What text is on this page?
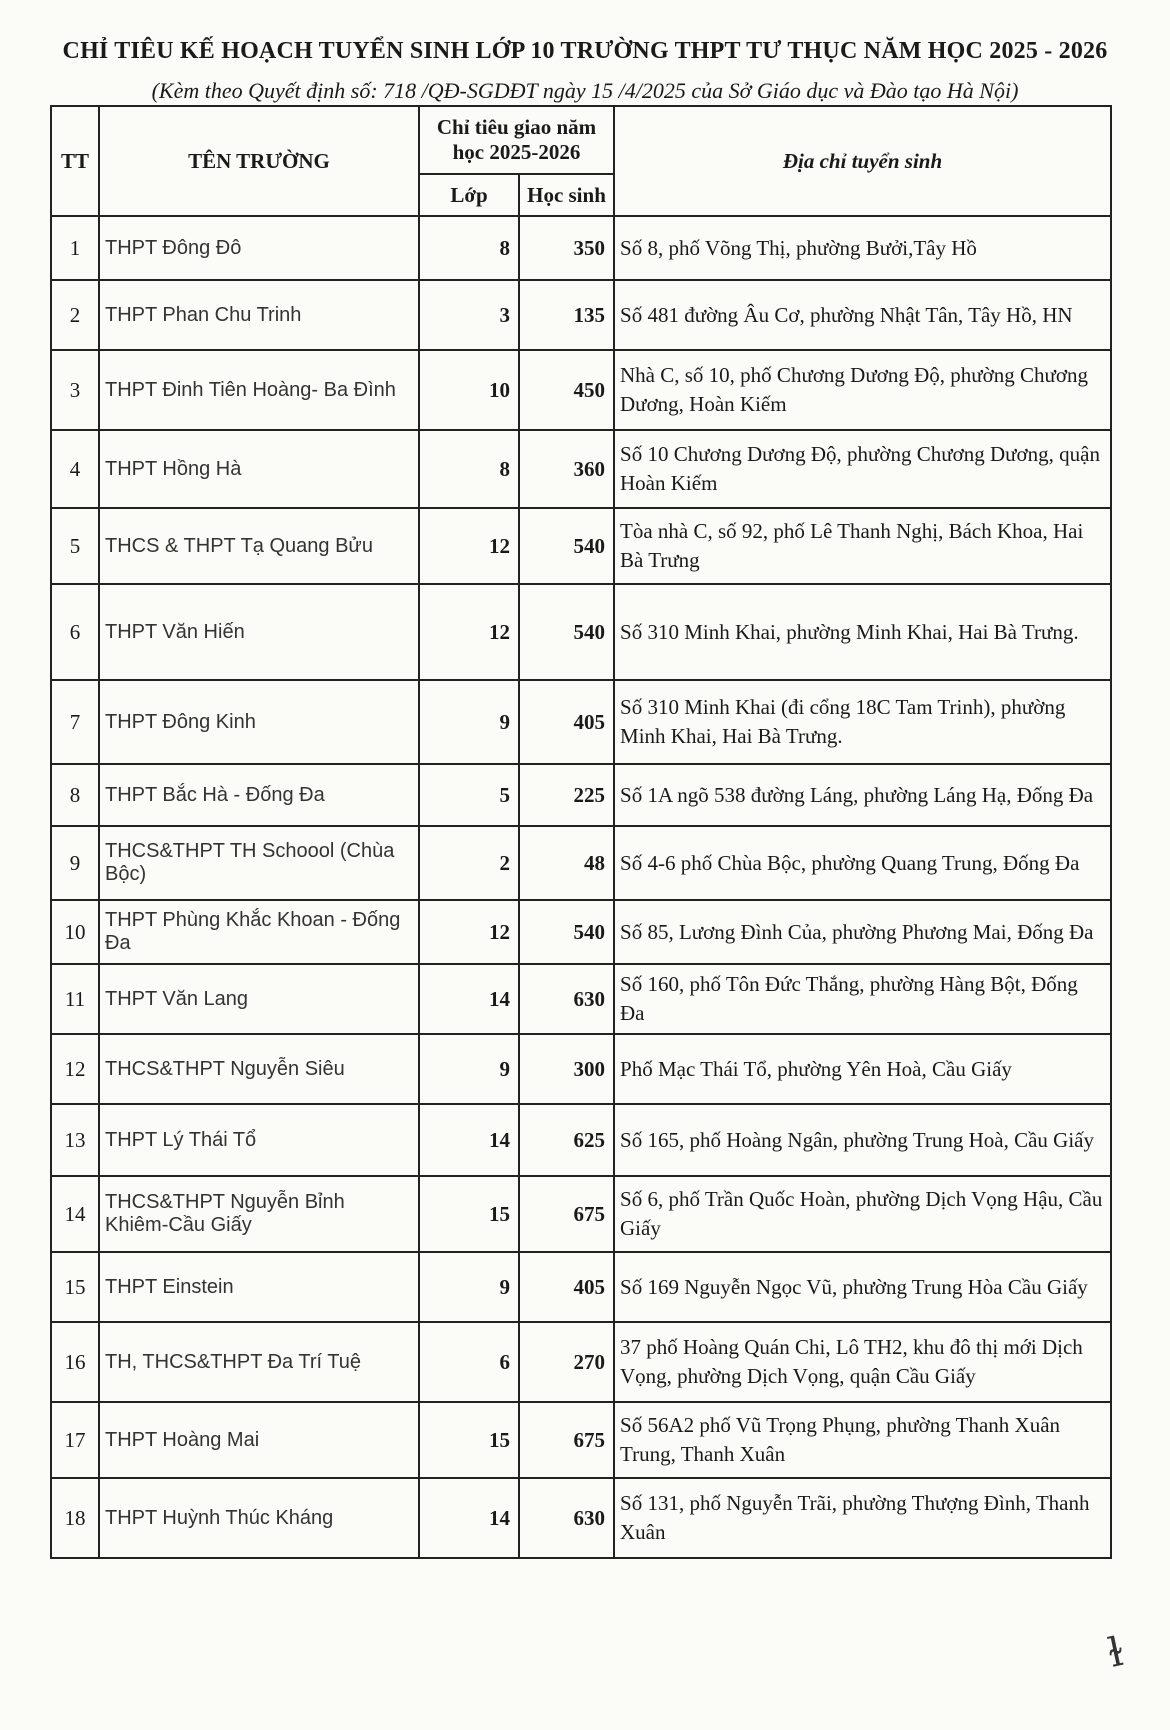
CHỈ TIÊU KẾ HOẠCH TUYỂN SINH LỚP 10 TRƯỜNG THPT TƯ THỤC NĂM HỌC 2025 - 2026
(Kèm theo Quyết định số: 718 /QĐ-SGDĐT ngày 15 /4/2025 của Sở Giáo dục và Đào tạo Hà Nội)
TT	TÊN TRƯỜNG	Chỉ tiêu giao năm học 2025-2026		Địa chỉ tuyển sinh
		Lớp	Học sinh	
1	THPT Đông Đô	8	350	Số 8, phố Võng Thị, phường Bưởi,Tây Hồ
2	THPT Phan Chu Trinh	3	135	Số 481 đường Âu Cơ, phường Nhật Tân, Tây Hồ, HN
3	THPT Đinh Tiên Hoàng- Ba Đình	10	450	Nhà C, số 10, phố Chương Dương Độ, phường Chương Dương, Hoàn Kiếm
4	THPT Hồng Hà	8	360	Số 10 Chương Dương Độ, phường Chương Dương, quận Hoàn Kiếm
5	THCS & THPT Tạ Quang Bửu	12	540	Tòa nhà C, số 92, phố Lê Thanh Nghị, Bách Khoa, Hai Bà Trưng
6	THPT Văn Hiến	12	540	Số 310 Minh Khai, phường Minh Khai, Hai Bà Trưng.
7	THPT Đông Kinh	9	405	Số 310 Minh Khai (đi cổng 18C Tam Trinh), phường Minh Khai, Hai Bà Trưng.
8	THPT Bắc Hà - Đống Đa	5	225	Số 1A ngõ 538 đường Láng, phường Láng Hạ, Đống Đa
9	THCS&THPT TH Schoool (Chùa Bộc)	2	48	Số 4-6 phố Chùa Bộc, phường Quang Trung, Đống Đa
10	THPT Phùng Khắc Khoan - Đống Đa	12	540	Số 85, Lương Đình Của, phường Phương Mai, Đống Đa
11	THPT Văn Lang	14	630	Số 160, phố Tôn Đức Thắng, phường Hàng Bột, Đống Đa
12	THCS&THPT Nguyễn Siêu	9	300	Phố Mạc Thái Tổ, phường Yên Hoà, Cầu Giấy
13	THPT Lý Thái Tổ	14	625	Số 165, phố Hoàng Ngân, phường Trung Hoà, Cầu Giấy
14	THCS&THPT Nguyễn Bỉnh Khiêm-Cầu Giấy	15	675	Số 6, phố Trần Quốc Hoàn, phường Dịch Vọng Hậu, Cầu Giấy
15	THPT Einstein	9	405	Số 169 Nguyễn Ngọc Vũ, phường Trung Hòa Cầu Giấy
16	TH, THCS&THPT Đa Trí Tuệ	6	270	37 phố Hoàng Quán Chi, Lô TH2, khu đô thị mới Dịch Vọng, phường Dịch Vọng, quận Cầu Giấy
17	THPT Hoàng Mai	15	675	Số 56A2 phố Vũ Trọng Phụng, phường Thanh Xuân Trung, Thanh Xuân
18	THPT Huỳnh Thúc Kháng	14	630	Số 131, phố Nguyễn Trãi, phường Thượng Đình, Thanh Xuân
ɫ
